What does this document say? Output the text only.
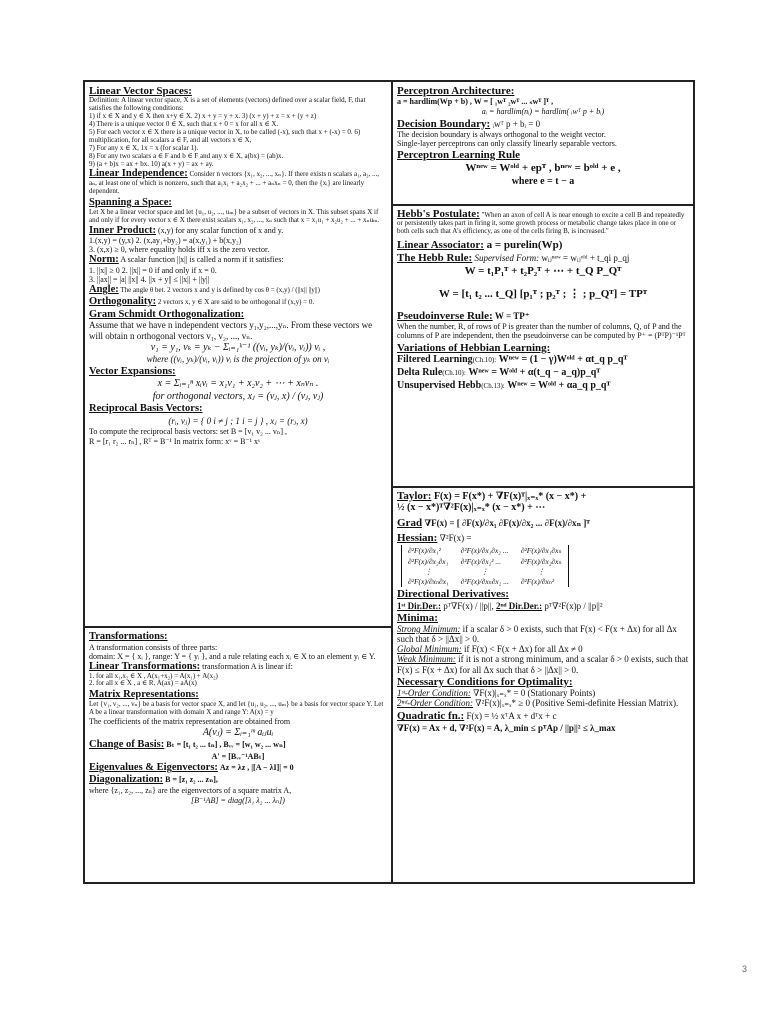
Linear Vector Spaces:

Definition: A linear vector space, X is a set of elements (vectors) defined over a scalar field, F, that satisfies the following conditions:

1) if x ∈ X and y ∈ X then x+y ∈ X. 2) x + y = y + x. 3) (x + y) + z = x + (y + z)

4) There is a unique vector 0 ∈ X, such that x + 0 = x for all x ∈ X.

5) For each vector x ∈ X there is a unique vector in X, to be called (-x), such that x + (-x) = 0. 6) multiplication, for all scalars a ∈ F, and all vectors x ∈ X,

7) For any x ∈ X, 1x = x (for scalar 1).

8) For any two scalars a ∈ F and b ∈ F and any x ∈ X, a(bx) = (ab)x.

9) (a + b)x = ax + bx. 10) a(x + y) = ax + ay.

Linear Independence: Consider n vectors {x₁, x₂, ..., xₙ}. If there exists n scalars a₁, a₂, ..., aₙ, at least one of which is nonzero, such that a₁x₁ + a₂x₂ + ... + aₙxₙ = 0, then the {xᵢ} are linearly dependent.

Spanning a Space:

Let X be a linear vector space and let {u₁, u₂, ..., uₘ} be a subset of vectors in X. This subset spans X if and only if for every vector x ∈ X there exist scalars x₁, x₂, ..., xₙ such that x = x₁u₁ + x₂u₂ + ... + xₙuₘ.

Inner Product: (x,y) for any scalar function of x and y.

1.(x,y) = (y,x) 2. (x,ay₁+by₂) = a(x,y₁) + b(x,y₂)

3. (x,x) ≥ 0, where equality holds iff x is the zero vector.

Norm: A scalar function ||x|| is called a norm if it satisfies:

1. ||x|| ≥ 0 2. ||x|| = 0 if and only if x = 0.

3. ||ax|| = |a| ||x|| 4. ||x + y|| ≤ ||x|| + ||y||

Angle: The angle θ bet. 2 vectors x and y is defined by cos θ = (x,y) / (||x|| ||y||)

Orthogonality: 2 vectors x, y ∈ X are said to be orthogonal if (x,y) = 0.

Gram Schmidt Orthogonalization:

Assume that we have n independent vectors y₁,y₂,...,yₙ. From these vectors we will obtain n orthogonal vectors v₁, v₂, ..., vₙ.

v₁ = y₁, vₖ = yₖ − Σᵢ₌₁ᵏ⁻¹ ((vᵢ, yₖ)/(vᵢ, vᵢ)) vᵢ ,

where ((vᵢ, yₖ)/(vᵢ, vᵢ)) vᵢ is the projection of yₖ on vᵢ

Vector Expansions:

x = Σᵢ₌₁ⁿ xᵢvᵢ = x₁v₁ + x₂v₂ + ⋯ + xₙvₙ .

for orthogonal vectors, xⱼ = (vⱼ, x) / (vⱼ, vⱼ)

Reciprocal Basis Vectors:

(rᵢ, vⱼ) = { 0 i ≠ j ; 1 i = j } , xⱼ = (rⱼ, x)

To compute the reciprocal basis vectors: set B = [v₁ v₂ ... vₙ] ,

R = [r₁ r₂ ... rₙ] , Rᵀ = B⁻¹ In matrix form: xᵛ = B⁻¹ xˢ

Transformations:

A transformation consists of three parts:

domain: X = { xᵢ }, range: Y = { yᵢ }, and a rule relating each xᵢ ∈ X to an element yᵢ ∈ Y.

Linear Transformations: transformation A is linear if:

1. for all x₁,x₂ ∈ X , A(x₁+x₂) = A(x₁) + A(x₂)

2. for all x ∈ X , a ∈ R, A(ax) = aA(x)

Matrix Representations:

Let {v₁, v₂, ..., vₙ} be a basis for vector space X, and let {u₁, u₂, ..., uₘ} be a basis for vector space Y. Let A be a linear transformation with domain X and range Y: A(x) = y

The coefficients of the matrix representation are obtained from

A(vⱼ) = Σᵢ₌₁ᵐ aᵢⱼuᵢ

Change of Basis: Bₜ = [t₁ t₂ ... tₙ] , Bᵥᵥ = [w₁ w₂ ... wₙ]

A' = [Bᵥᵥ⁻¹ABₜ]

Eigenvalues & Eigenvectors: Az = λz , |[A − λI]| = 0

Diagonalization: B = [z₁ z₂ ... zₙ],

where {z₁, z₂, ..., zₙ} are the eigenvectors of a square matrix A,

[B⁻¹AB] = diag([λ₁ λ₂ ... λₙ])

Perceptron Architecture:

a = hardlim(Wp + b) , W = [ ₁wᵀ ₂wᵀ ... ₛwᵀ ]ᵀ ,

aᵢ = hardlim(nᵢ) = hardlim( ᵢwᵀ p + bᵢ)

Decision Boundary: ᵢwᵀ p + bᵢ = 0

The decision boundary is always orthogonal to the weight vector.

Single-layer perceptrons can only classify linearly separable vectors.

Perceptron Learning Rule

Wⁿᵉʷ = Wᵒˡᵈ + epᵀ , bⁿᵉʷ = bᵒˡᵈ + e ,

where e = t − a

Hebb's Postulate: "When an axon of cell A is near enough to excite a cell B and repeatedly or persistently takes part in firing it, some growth process or metabolic change takes place in one or both cells such that A's efficiency, as one of the cells firing B, is increased."

Linear Associator: a = purelin(Wp)

The Hebb Rule: Supervised Form: wᵢⱼⁿᵉʷ = wᵢⱼᵒˡᵈ + t_qi p_qj

W = t₁P₁ᵀ + t₂P₂ᵀ + ⋯ + t_Q P_Qᵀ

W = [t₁ t₂ ... t_Q] [p₁ᵀ ; p₂ᵀ ; ⋮ ; p_Qᵀ] = TPᵀ

Pseudoinverse Rule: W = TP⁺

When the number, R, of rows of P is greater than the number of columns, Q, of P and the columns of P are independent, then the pseudoinverse can be computed by P⁺ = (PᵀP)⁻¹Pᵀ

Variations of Hebbian Learning:

Filtered Learning(Ch.10): Wⁿᵉʷ = (1 − γ)Wᵒˡᵈ + αt_q p_qᵀ

Delta Rule(Ch.10): Wⁿᵉʷ = Wᵒˡᵈ + α(t_q − a_q)p_qᵀ

Unsupervised Hebb(Ch.13): Wⁿᵉʷ = Wᵒˡᵈ + αa_q p_qᵀ

Taylor: F(x) = F(x*) + ∇F(x)ᵀ|ₓ₌ₓ* (x − x*) +

½ (x − x*)ᵀ∇²F(x)|ₓ₌ₓ* (x − x*) + ⋯

Grad ∇F(x) = [ ∂F(x)/∂x₁ ∂F(x)/∂x₂ ... ∂F(x)/∂xₙ ]ᵀ

Hessian: ∇²F(x) =

∂²F(x)/∂x₁²	∂²F(x)/∂x₁∂x₂ ...	∂²F(x)/∂x₁∂xₙ
∂²F(x)/∂x₂∂x₁	∂²F(x)/∂x₂² ...	∂²F(x)/∂x₂∂xₙ
⋮	⋮	⋮
∂²F(x)/∂xₙ∂x₁	∂²F(x)/∂xₙ∂x₂ ...	∂²F(x)/∂xₙ²

Directional Derivatives:

1ˢᵗ Dir.Der.: pᵀ∇F(x) / ||p||, 2ⁿᵈ Dir.Der.: pᵀ∇²F(x)p / ||p||²

Minima:

Strong Minimum: if a scalar δ > 0 exists, such that F(x) < F(x + Δx) for all Δx such that δ > ||Δx|| > 0.

Global Minimum: if F(x) < F(x + Δx) for all Δx ≠ 0

Weak Minimum: if it is not a strong minimum, and a scalar δ > 0 exists, such that F(x) ≤ F(x + Δx) for all Δx such that δ > ||Δx|| > 0.

Necessary Conditions for Optimality:

1ˢᵗ-Order Condition: ∇F(x)|ₓ₌ₓ* = 0 (Stationary Points)

2ⁿᵈ-Order Condition: ∇²F(x)|ₓ₌ₓ* ≥ 0 (Positive Semi-definite Hessian Matrix).

Quadratic fn.: F(x) = ½ xᵀA x + dᵀx + c

∇F(x) = Ax + d, ∇²F(x) = A, λ_min ≤ pᵀAp / ||p||² ≤ λ_max

3
